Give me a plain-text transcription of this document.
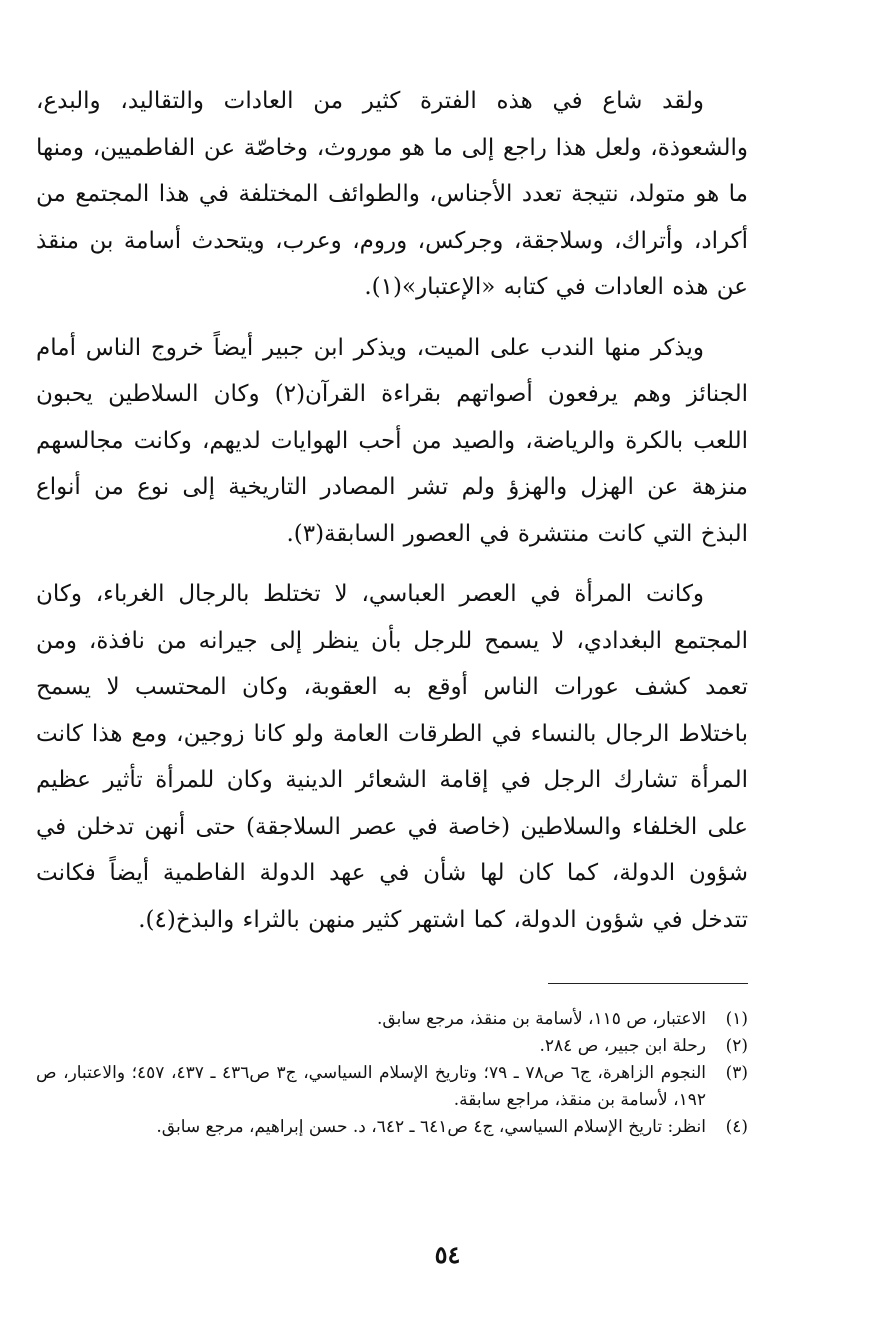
ولقد شاع في هذه الفترة كثير من العادات والتقاليد، والبدع، والشعوذة، ولعل هذا راجع إلى ما هو موروث، وخاصّة عن الفاطميين، ومنها ما هو متولد، نتيجة تعدد الأجناس، والطوائف المختلفة في هذا المجتمع من أكراد، وأتراك، وسلاجقة، وجركس، وروم، وعرب، ويتحدث أسامة بن منقذ عن هذه العادات في كتابه «الإعتبار»(١).

ويذكر منها الندب على الميت، ويذكر ابن جبير أيضاً خروج الناس أمام الجنائز وهم يرفعون أصواتهم بقراءة القرآن(٢) وكان السلاطين يحبون اللعب بالكرة والرياضة، والصيد من أحب الهوايات لديهم، وكانت مجالسهم منزهة عن الهزل والهزؤ ولم تشر المصادر التاريخية إلى نوع من أنواع البذخ التي كانت منتشرة في العصور السابقة(٣).

وكانت المرأة في العصر العباسي، لا تختلط بالرجال الغرباء، وكان المجتمع البغدادي، لا يسمح للرجل بأن ينظر إلى جيرانه من نافذة، ومن تعمد كشف عورات الناس أوقع به العقوبة، وكان المحتسب لا يسمح باختلاط الرجال بالنساء في الطرقات العامة ولو كانا زوجين، ومع هذا كانت المرأة تشارك الرجل في إقامة الشعائر الدينية وكان للمرأة تأثير عظيم على الخلفاء والسلاطين (خاصة في عصر السلاجقة) حتى أنهن تدخلن في شؤون الدولة، كما كان لها شأن في عهد الدولة الفاطمية أيضاً فكانت تتدخل في شؤون الدولة، كما اشتهر كثير منهن بالثراء والبذخ(٤).

(١)
الاعتبار، ص ١١٥، لأسامة بن منقذ، مرجع سابق.
(٢)
رحلة ابن جبير، ص ٢٨٤.
(٣)
النجوم الزاهرة، ج٦ ص٧٨ ـ ٧٩؛ وتاريخ الإسلام السياسي، ج٣ ص٤٣٦ ـ ٤٣٧، ٤٥٧؛ والاعتبار، ص ١٩٢، لأسامة بن منقذ، مراجع سابقة.
(٤)
انظر: تاريخ الإسلام السياسي، ج٤ ص٦٤١ ـ ٦٤٢، د. حسن إبراهيم، مرجع سابق.
٥٤
